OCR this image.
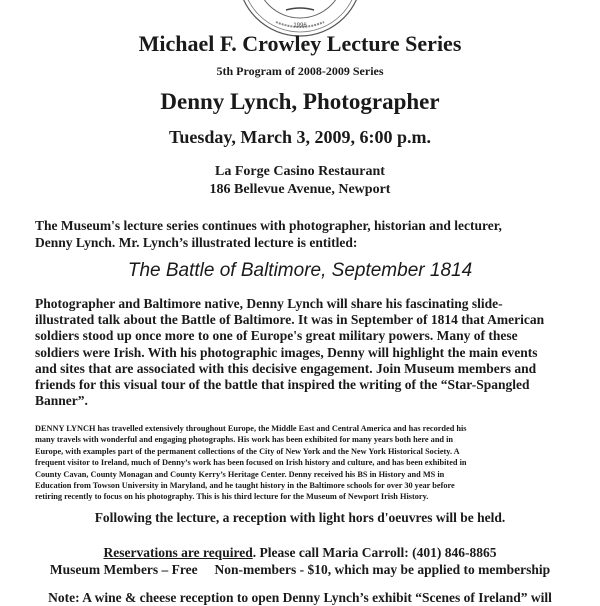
1996
Michael F. Crowley Lecture Series
5th Program of 2008-2009 Series
Denny Lynch, Photographer
Tuesday, March 3, 2009, 6:00 p.m.
La Forge Casino Restaurant
186 Bellevue Avenue, Newport
The Museum's lecture series continues with photographer, historian and lecturer,
Denny Lynch. Mr. Lynch’s illustrated lecture is entitled:
The Battle of Baltimore, September 1814
Photographer and Baltimore native, Denny Lynch will share his fascinating slide-
illustrated talk about the Battle of Baltimore. It was in September of 1814 that American
soldiers stood up once more to one of Europe's great military powers. Many of these
soldiers were Irish. With his photographic images, Denny will highlight the main events
and sites that are associated with this decisive engagement. Join Museum members and
friends for this visual tour of the battle that inspired the writing of the “Star-Spangled
Banner”.
DENNY LYNCH has travelled extensively throughout Europe, the Middle East and Central America and has recorded his
many travels with wonderful and engaging photographs. His work has been exhibited for many years both here and in
Europe, with examples part of the permanent collections of the City of New York and the New York Historical Society. A
frequent visitor to Ireland, much of Denny’s work has been focused on Irish history and culture, and has been exhibited in
County Cavan, County Monagan and County Kerry’s Heritage Center. Denny received his BS in History and MS in
Education from Towson University in Maryland, and he taught history in the Baltimore schools for over 30 year before
retiring recently to focus on his photography. This is his third lecture for the Museum of Newport Irish History.
Following the lecture, a reception with light hors d'oeuvres will be held.
Reservations are required. Please call Maria Carroll: (401) 846-8865
Museum Members – Free     Non-members - $10, which may be applied to membership
Note: A wine & cheese reception to open Denny Lynch’s exhibit “Scenes of Ireland” will
